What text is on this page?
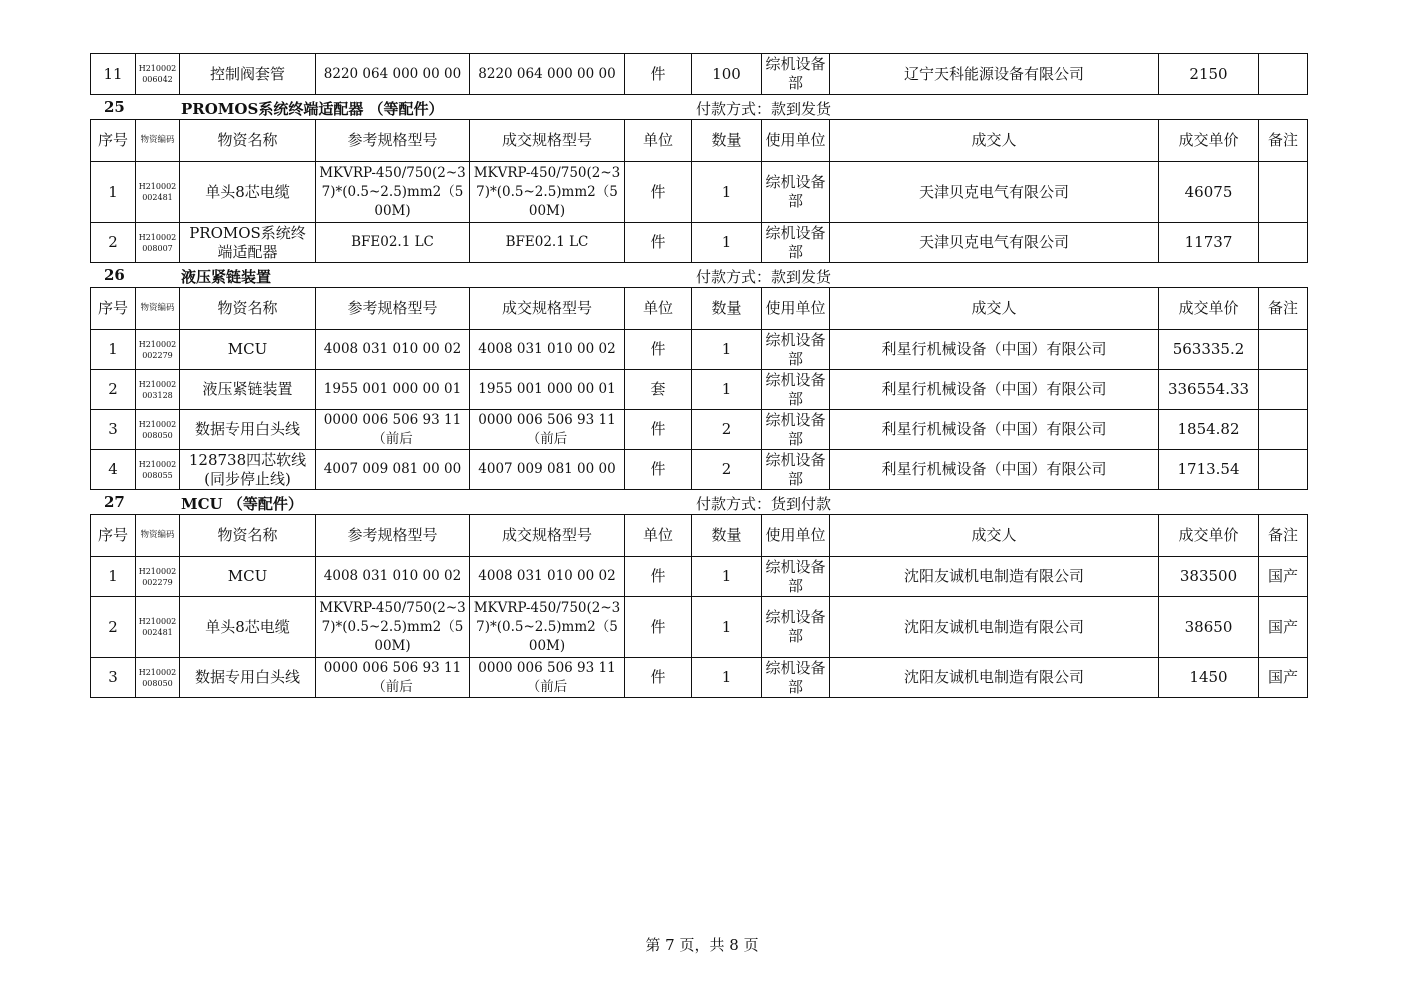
11	H210002 006042	控制阀套管	8220 064 000 00 00	8220 064 000 00 00	件	100	综机设备部	辽宁天科能源设备有限公司	2150	
25	PROMOS系统终端适配器 （等配件）	付款方式：款到发货
序号	物资编码	物资名称	参考规格型号	成交规格型号	单位	数量	使用单位	成交人	成交单价	备注
1	H210002 002481	单头8芯电缆	MKVRP-450/750(2~37)*(0.5~2.5)mm2（500M)	MKVRP-450/750(2~37)*(0.5~2.5)mm2（500M)	件	1	综机设备部	天津贝克电气有限公司	46075	
2	H210002 008007	PROMOS系统终端适配器	BFE02.1 LC	BFE02.1 LC	件	1	综机设备部	天津贝克电气有限公司	11737	
26	液压紧链装置	付款方式：款到发货
序号	物资编码	物资名称	参考规格型号	成交规格型号	单位	数量	使用单位	成交人	成交单价	备注
1	H210002 002279	MCU	4008 031 010 00 02	4008 031 010 00 02	件	1	综机设备部	利星行机械设备（中国）有限公司	563335.2	
2	H210002 003128	液压紧链装置	1955 001 000 00 01	1955 001 000 00 01	套	1	综机设备部	利星行机械设备（中国）有限公司	336554.33	
3	H210002 008050	数据专用白头线	0000 006 506 93 11 （前后	0000 006 506 93 11 （前后	件	2	综机设备部	利星行机械设备（中国）有限公司	1854.82	
4	H210002 008055	128738四芯软线(同步停止线)	4007 009 081 00 00	4007 009 081 00 00	件	2	综机设备部	利星行机械设备（中国）有限公司	1713.54	
27	MCU （等配件）	付款方式：货到付款
序号	物资编码	物资名称	参考规格型号	成交规格型号	单位	数量	使用单位	成交人	成交单价	备注
1	H210002 002279	MCU	4008 031 010 00 02	4008 031 010 00 02	件	1	综机设备部	沈阳友诚机电制造有限公司	383500	国产
2	H210002 002481	单头8芯电缆	MKVRP-450/750(2~37)*(0.5~2.5)mm2（500M)	MKVRP-450/750(2~37)*(0.5~2.5)mm2（500M)	件	1	综机设备部	沈阳友诚机电制造有限公司	38650	国产
3	H210002 008050	数据专用白头线	0000 006 506 93 11 （前后	0000 006 506 93 11 （前后	件	1	综机设备部	沈阳友诚机电制造有限公司	1450	国产
第 7 页，共 8 页
